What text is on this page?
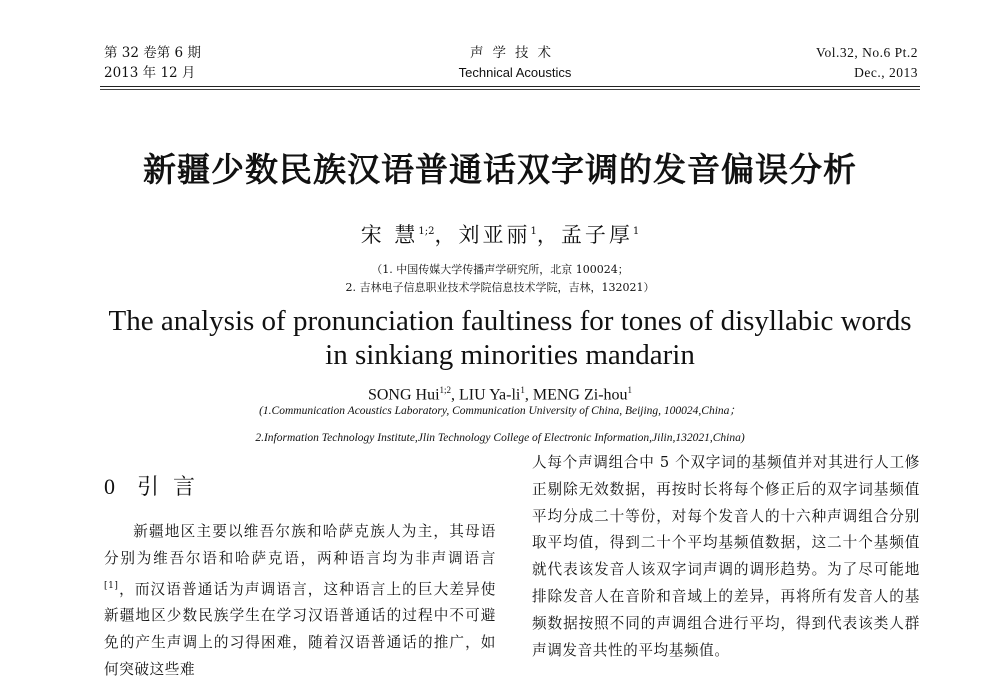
第 32 卷第 6 期
2013 年 12 月
声学技术
Technical Acoustics
Vol.32, No.6 Pt.2
Dec., 2013
新疆少数民族汉语普通话双字调的发音偏误分析
宋 慧$^{1;2}$，刘亚丽$^1$，孟子厚$^1$
（1. 中国传媒大学传播声学研究所，北京 100024；
2. 吉林电子信息职业技术学院信息技术学院，吉林，132021）
The analysis of pronunciation faultiness for tones of disyllabic words in sinkiang minorities mandarin
SONG Hui$^{1;2}$, LIU $Ya-li^1$, MENG Zi-hou$^1$
(1.Communication Acoustics Laboratory, Communication University of China, Beijing, 100024,China；
2.Information Technology Institute,Jlin Technology College of Electronic Information,Jilin,132021,China)
0 引言

新疆地区主要以维吾尔族和哈萨克族人为主，其母语分别为维吾尔语和哈萨克语，两种语言均为非声调语言[1]，而汉语普通话为声调语言，这种语言上的巨大差异使新疆地区少数民族学生在学习汉语普通话的过程中不可避免的产生声调上的习得困难，随着汉语普通话的推广，如何突破这些难

人每个声调组合中 5 个双字词的基频值并对其进行人工修正剔除无效数据，再按时长将每个修正后的双字词基频值平均分成二十等份，对每个发音人的十六种声调组合分别取平均值，得到二十个平均基频值数据，这二十个基频值就代表该发音人该双字词声调的调形趋势。为了尽可能地排除发音人在音阶和音域上的差异，再将所有发音人的基频数据按照不同的声调组合进行平均，得到代表该类人群声调发音共性的平均基频值。
